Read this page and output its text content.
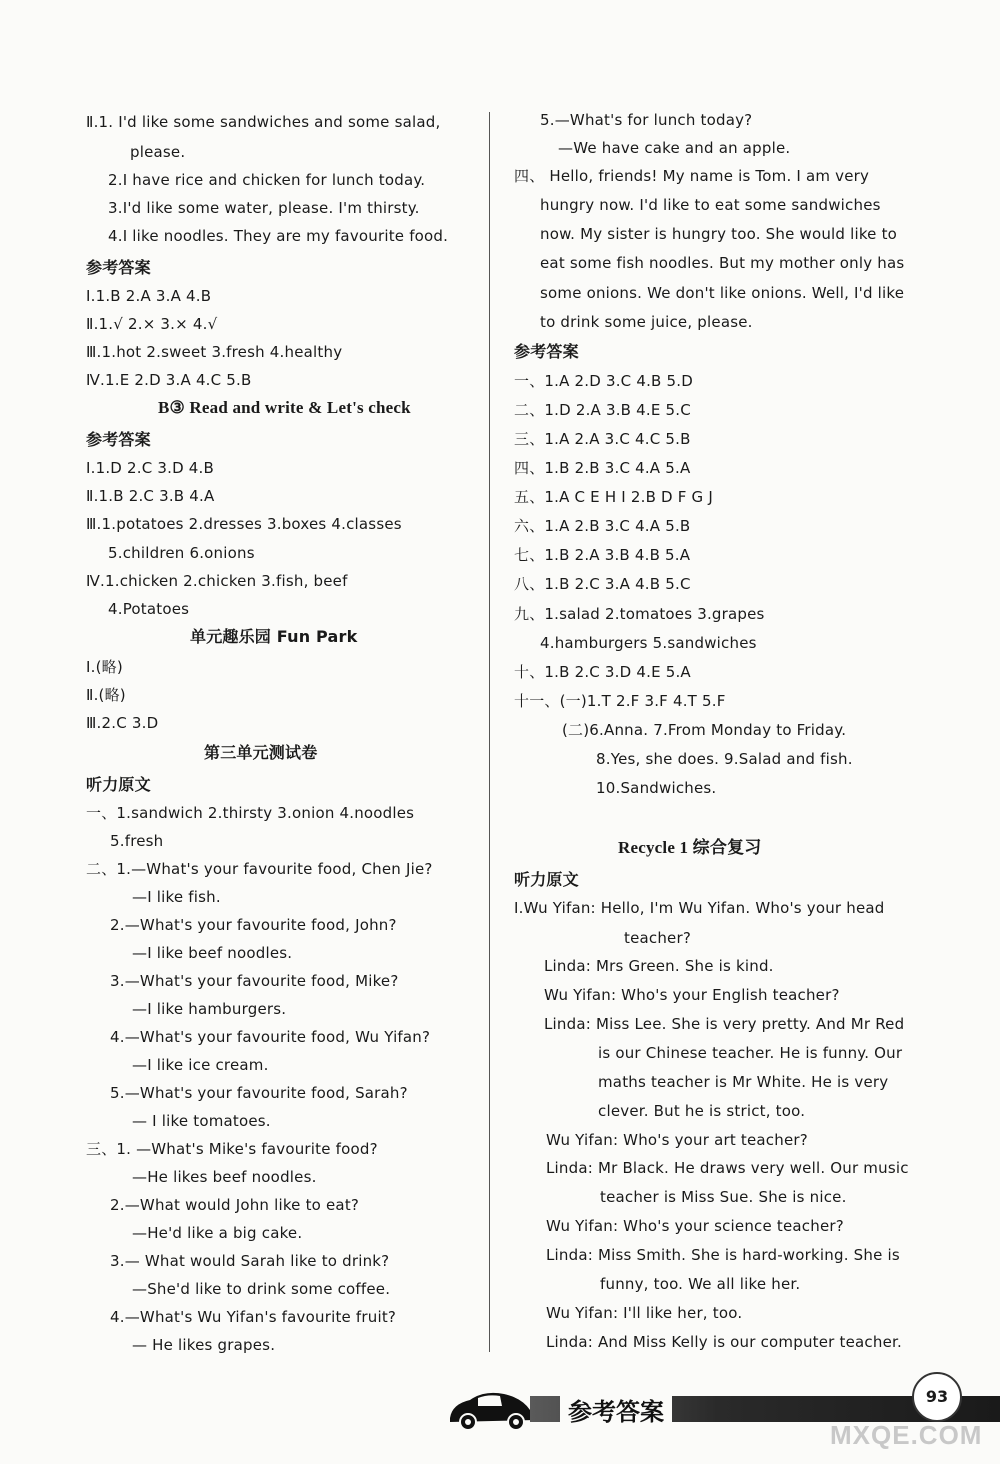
Ⅱ.1. I'd like some sandwiches and some salad,
please.
2.I have rice and chicken for lunch today.
3.I'd like some water, please. I'm thirsty.
4.I like noodles. They are my favourite food.
参考答案
Ⅰ.1.B 2.A 3.A 4.B
Ⅱ.1.√ 2.× 3.× 4.√
Ⅲ.1.hot 2.sweet 3.fresh 4.healthy
Ⅳ.1.E 2.D 3.A 4.C 5.B
B③ Read and write & Let's check
参考答案
Ⅰ.1.D 2.C 3.D 4.B
Ⅱ.1.B 2.C 3.B 4.A
Ⅲ.1.potatoes 2.dresses 3.boxes 4.classes
5.children 6.onions
Ⅳ.1.chicken 2.chicken 3.fish, beef
4.Potatoes
单元趣乐园 Fun Park
Ⅰ.(略)
Ⅱ.(略)
Ⅲ.2.C 3.D
第三单元测试卷
听力原文
一、1.sandwich 2.thirsty 3.onion 4.noodles
5.fresh
二、1.—What's your favourite food, Chen Jie?
—I like fish.
2.—What's your favourite food, John?
—I like beef noodles.
3.—What's your favourite food, Mike?
—I like hamburgers.
4.—What's your favourite food, Wu Yifan?
—I like ice cream.
5.—What's your favourite food, Sarah?
— I like tomatoes.
三、1. —What's Mike's favourite food?
—He likes beef noodles.
2.—What would John like to eat?
—He'd like a big cake.
3.— What would Sarah like to drink?
—She'd like to drink some coffee.
4.—What's Wu Yifan's favourite fruit?
— He likes grapes.
5.—What's for lunch today?
—We have cake and an apple.
四、 Hello, friends! My name is Tom. I am very
hungry now. I'd like to eat some sandwiches
now. My sister is hungry too. She would like to
eat some fish noodles. But my mother only has
some onions. We don't like onions. Well, I'd like
to drink some juice, please.
参考答案
一、1.A 2.D 3.C 4.B 5.D
二、1.D 2.A 3.B 4.E 5.C
三、1.A 2.A 3.C 4.C 5.B
四、1.B 2.B 3.C 4.A 5.A
五、1.A C E H I 2.B D F G J
六、1.A 2.B 3.C 4.A 5.B
七、1.B 2.A 3.B 4.B 5.A
八、1.B 2.C 3.A 4.B 5.C
九、1.salad 2.tomatoes 3.grapes
4.hamburgers 5.sandwiches
十、1.B 2.C 3.D 4.E 5.A
十一、(一)1.T 2.F 3.F 4.T 5.F
(二)6.Anna. 7.From Monday to Friday.
8.Yes, she does. 9.Salad and fish.
10.Sandwiches.
Recycle 1 综合复习
听力原文
Ⅰ.Wu Yifan: Hello, I'm Wu Yifan. Who's your head
teacher?
Linda: Mrs Green. She is kind.
Wu Yifan: Who's your English teacher?
Linda: Miss Lee. She is very pretty. And Mr Red
is our Chinese teacher. He is funny. Our
maths teacher is Mr White. He is very
clever. But he is strict, too.
Wu Yifan: Who's your art teacher?
Linda: Mr Black. He draws very well. Our music
teacher is Miss Sue. She is nice.
Wu Yifan: Who's your science teacher?
Linda: Miss Smith. She is hard-working. She is
funny, too. We all like her.
Wu Yifan: I'll like her, too.
Linda: And Miss Kelly is our computer teacher.
参考答案
93
MXQE.COM
